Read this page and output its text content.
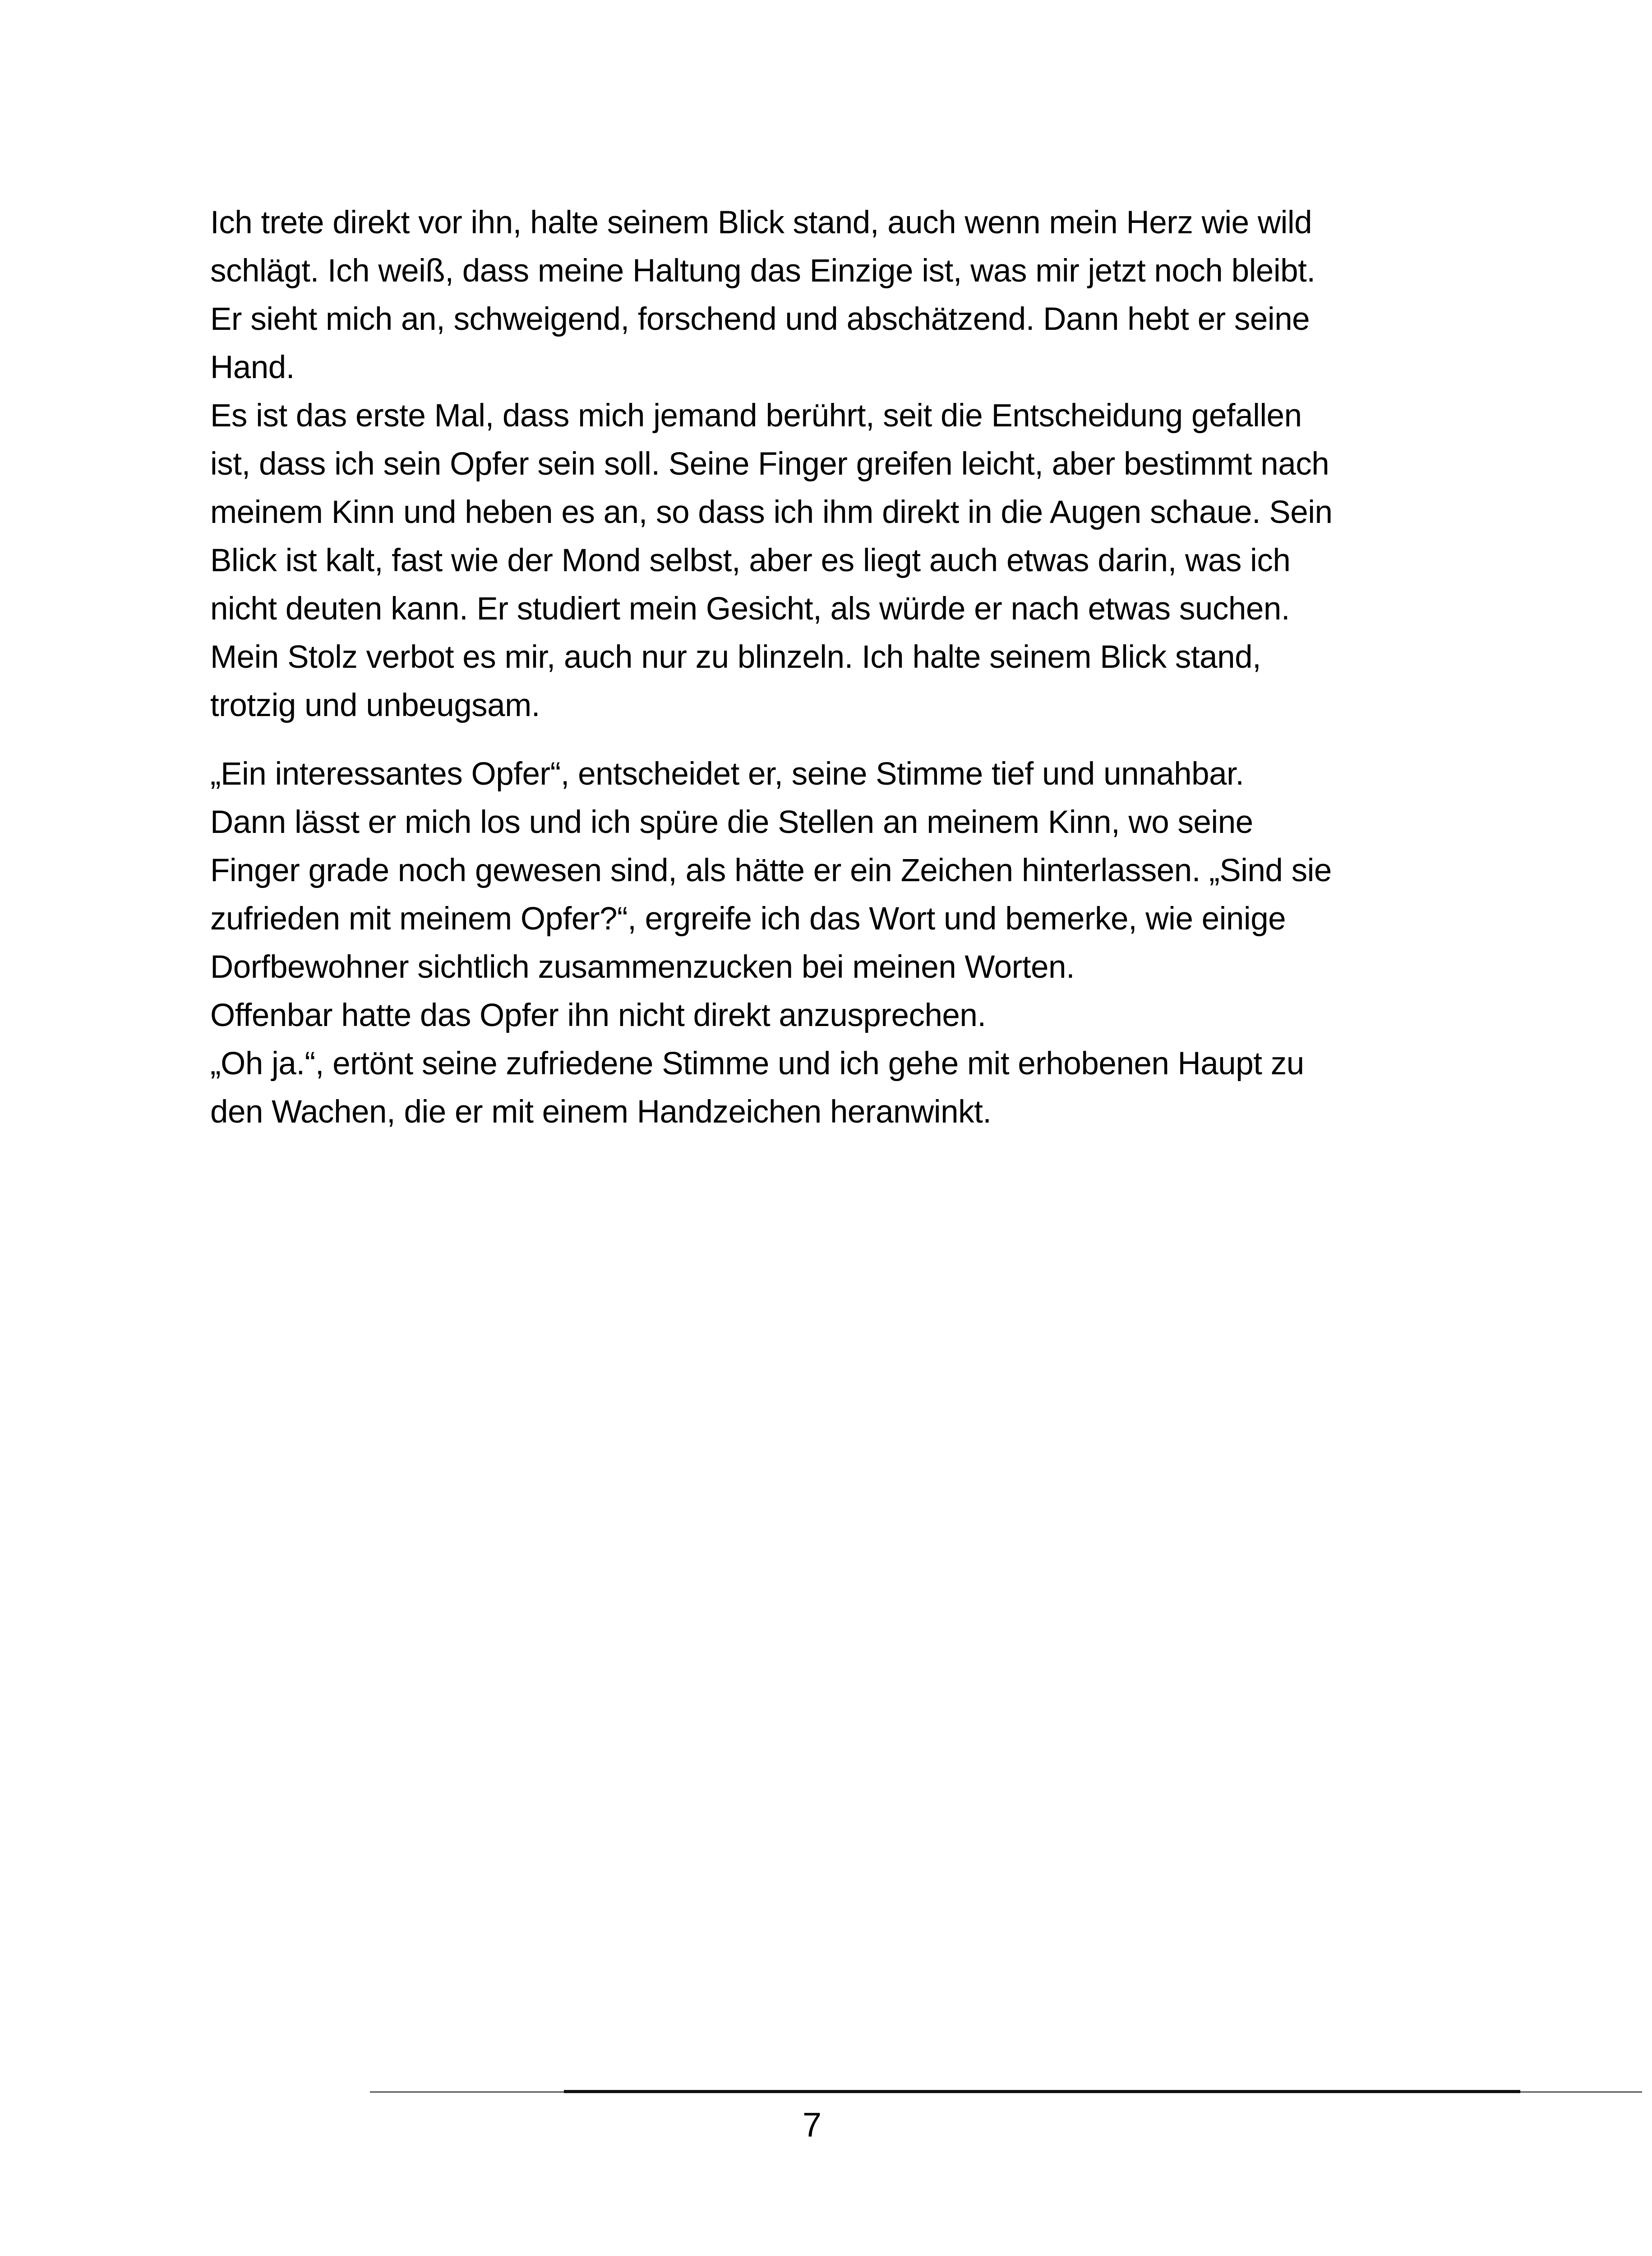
Ich trete direkt vor ihn, halte seinem Blick stand, auch wenn mein Herz wie wild
schlägt. Ich weiß, dass meine Haltung das Einzige ist, was mir jetzt noch bleibt.
Er sieht mich an, schweigend, forschend und abschätzend. Dann hebt er seine
Hand.
Es ist das erste Mal, dass mich jemand berührt, seit die Entscheidung gefallen
ist, dass ich sein Opfer sein soll. Seine Finger greifen leicht, aber bestimmt nach
meinem Kinn und heben es an, so dass ich ihm direkt in die Augen schaue. Sein
Blick ist kalt, fast wie der Mond selbst, aber es liegt auch etwas darin, was ich
nicht deuten kann. Er studiert mein Gesicht, als würde er nach etwas suchen.
Mein Stolz verbot es mir, auch nur zu blinzeln. Ich halte seinem Blick stand,
trotzig und unbeugsam.
„Ein interessantes Opfer“, entscheidet er, seine Stimme tief und unnahbar.
Dann lässt er mich los und ich spüre die Stellen an meinem Kinn, wo seine
Finger grade noch gewesen sind, als hätte er ein Zeichen hinterlassen. „Sind sie
zufrieden mit meinem Opfer?“, ergreife ich das Wort und bemerke, wie einige
Dorfbewohner sichtlich zusammenzucken bei meinen Worten.
Offenbar hatte das Opfer ihn nicht direkt anzusprechen.
„Oh ja.“, ertönt seine zufriedene Stimme und ich gehe mit erhobenen Haupt zu
den Wachen, die er mit einem Handzeichen heranwinkt.
7
